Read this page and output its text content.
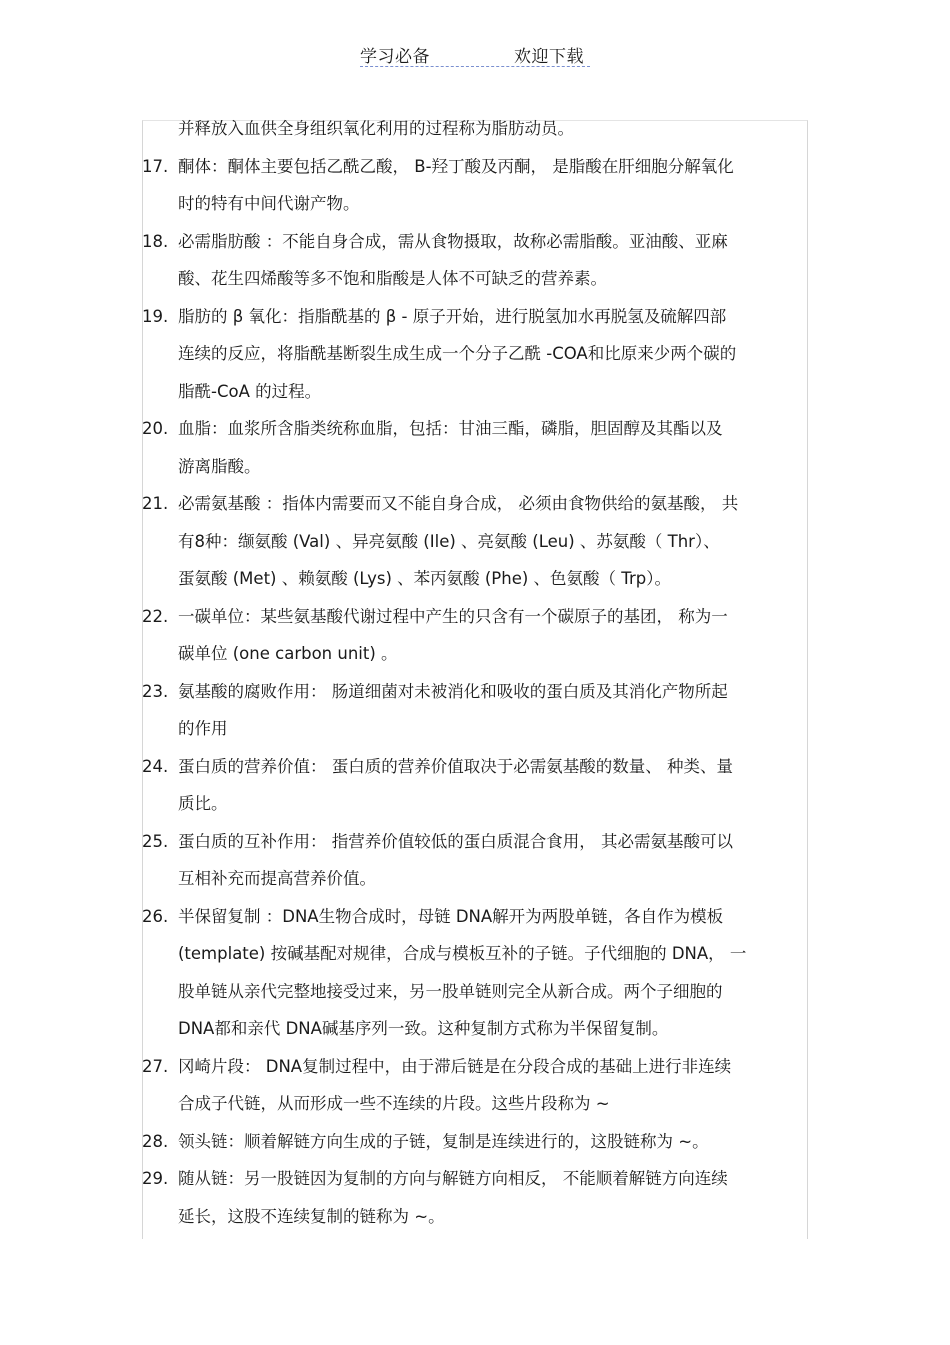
学习必备	欢迎下载
并释放入血供全身组织氧化利用的过程称为脂肪动员。
17. 酮体：酮体主要包括乙酰乙酸， B-羟丁酸及丙酮， 是脂酸在肝细胞分解氧化
时的特有中间代谢产物。
18. 必需脂肪酸 ：不能自身合成，需从食物摄取，故称必需脂酸。亚油酸、亚麻
酸、花生四烯酸等多不饱和脂酸是人体不可缺乏的营养素。
19. 脂肪的 β 氧化：指脂酰基的 β - 原子开始，进行脱氢加水再脱氢及硫解四部
连续的反应，将脂酰基断裂生成生成一个分子乙酰 -COA和比原来少两个碳的
脂酰-CoA 的过程。
20. 血脂：血浆所含脂类统称血脂，包括：甘油三酯，磷脂，胆固醇及其酯以及
游离脂酸。
21. 必需氨基酸 ：指体内需要而又不能自身合成， 必须由食物供给的氨基酸， 共
有8种：缬氨酸 (Val) 、异亮氨酸 (Ile) 、亮氨酸 (Leu) 、苏氨酸（ Thr）、
蛋氨酸 (Met) 、赖氨酸 (Lys) 、苯丙氨酸 (Phe) 、色氨酸（ Trp）。
22. 一碳单位：某些氨基酸代谢过程中产生的只含有一个碳原子的基团， 称为一
碳单位 (one carbon unit) 。
23. 氨基酸的腐败作用： 肠道细菌对未被消化和吸收的蛋白质及其消化产物所起
的作用
24. 蛋白质的营养价值： 蛋白质的营养价值取决于必需氨基酸的数量、 种类、量
质比。
25. 蛋白质的互补作用： 指营养价值较低的蛋白质混合食用， 其必需氨基酸可以
互相补充而提高营养价值。
26. 半保留复制 ：DNA生物合成时，母链 DNA解开为两股单链，各自作为模板
(template) 按碱基配对规律，合成与模板互补的子链。子代细胞的 DNA， 一
股单链从亲代完整地接受过来，另一股单链则完全从新合成。两个子细胞的
DNA都和亲代 DNA碱基序列一致。这种复制方式称为半保留复制。
27. 冈崎片段： DNA复制过程中，由于滞后链是在分段合成的基础上进行非连续
合成子代链，从而形成一些不连续的片段。这些片段称为 ~
28. 领头链：顺着解链方向生成的子链，复制是连续进行的，这股链称为 ~。
29. 随从链：另一股链因为复制的方向与解链方向相反， 不能顺着解链方向连续
延长，这股不连续复制的链称为 ~。
